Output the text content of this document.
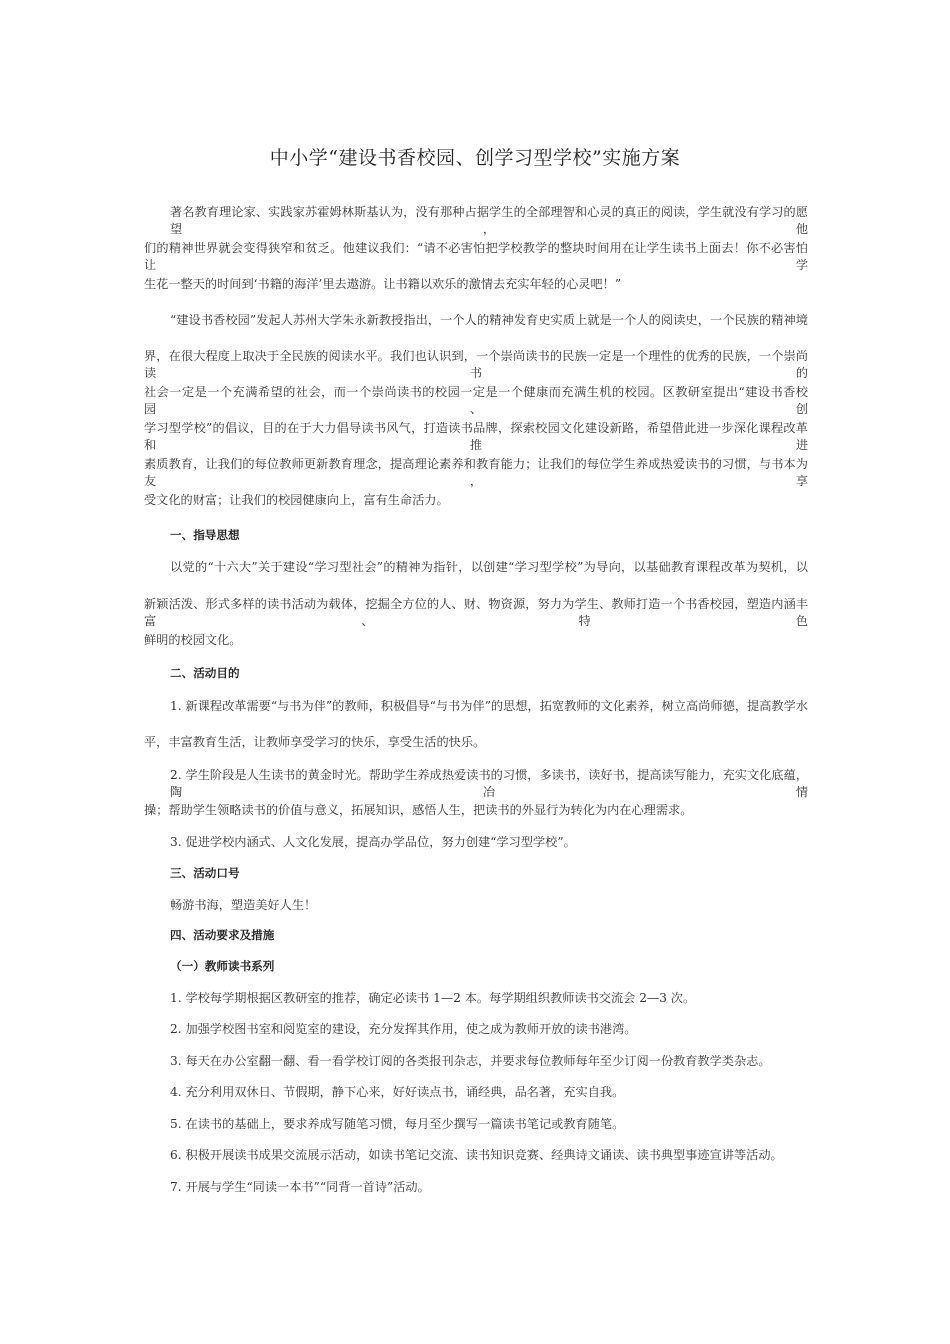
中小学“建设书香校园、创学习型学校”实施方案
著名教育理论家、实践家苏霍姆林斯基认为，没有那种占据学生的全部理智和心灵的真正的阅读，学生就没有学习的愿望，他
们的精神世界就会变得狭窄和贫乏。他建议我们：“请不必害怕把学校教学的整块时间用在让学生读书上面去！你不必害怕让学
生花一整天的时间到‘书籍的海洋’里去遨游。让书籍以欢乐的激情去充实年轻的心灵吧！”
“建设书香校园”发起人苏州大学朱永新教授指出，一个人的精神发育史实质上就是一个人的阅读史，一个民族的精神境
界，在很大程度上取决于全民族的阅读水平。我们也认识到，一个崇尚读书的民族一定是一个理性的优秀的民族，一个崇尚读书的
社会一定是一个充满希望的社会，而一个崇尚读书的校园一定是一个健康而充满生机的校园。区教研室提出“建设书香校园、创
学习型学校”的倡议，目的在于大力倡导读书风气，打造读书品牌，探索校园文化建设新路，希望借此进一步深化课程改革和推进
素质教育，让我们的每位教师更新教育理念，提高理论素养和教育能力；让我们的每位学生养成热爱读书的习惯，与书本为友，享
受文化的财富；让我们的校园健康向上，富有生命活力。
一、指导思想
以党的“十六大”关于建设“学习型社会”的精神为指针，以创建“学习型学校”为导向，以基础教育课程改革为契机，以
新颖活泼、形式多样的读书活动为载体，挖掘全方位的人、财、物资源，努力为学生、教师打造一个书香校园，塑造内涵丰富、特色
鲜明的校园文化。
二、活动目的
1. 新课程改革需要“与书为伴”的教师，积极倡导“与书为伴”的思想，拓宽教师的文化素养，树立高尚师德，提高教学水
平，丰富教育生活，让教师享受学习的快乐，享受生活的快乐。
2. 学生阶段是人生读书的黄金时光。帮助学生养成热爱读书的习惯，多读书，读好书，提高读写能力，充实文化底蕴，陶冶情
操；帮助学生领略读书的价值与意义，拓展知识，感悟人生，把读书的外显行为转化为内在心理需求。
3. 促进学校内涵式、人文化发展，提高办学品位，努力创建“学习型学校”。
三、活动口号
畅游书海，塑造美好人生！
四、活动要求及措施
（一）教师读书系列
1. 学校每学期根据区教研室的推荐，确定必读书 1—2 本。每学期组织教师读书交流会 2—3 次。
2. 加强学校图书室和阅览室的建设，充分发挥其作用，使之成为教师开放的读书港湾。
3. 每天在办公室翻一翻、看一看学校订阅的各类报刊杂志，并要求每位教师每年至少订阅一份教育教学类杂志。
4. 充分利用双休日、节假期，静下心来，好好读点书，诵经典，品名著，充实自我。
5. 在读书的基础上，要求养成写随笔习惯，每月至少撰写一篇读书笔记或教育随笔。
6. 积极开展读书成果交流展示活动，如读书笔记交流、读书知识竞赛、经典诗文诵读、读书典型事迹宣讲等活动。
7. 开展与学生“同读一本书”“同背一首诗”活动。
